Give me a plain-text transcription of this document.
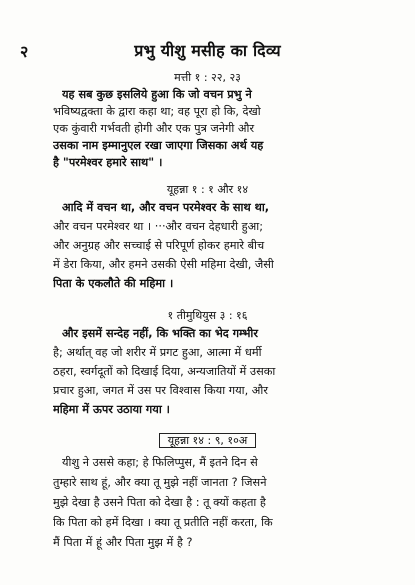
२	प्रभु यीशु मसीह का दिव्य
मत्ती १ : २२, २३
यह सब कुछ इसलिये हुआ कि जो वचन प्रभु ने
भविष्यद्वक्ता के द्वारा कहा था; वह पूरा हो कि, देखो
एक कुंवारी गर्भवती होगी और एक पुत्र जनेगी और
उसका नाम इम्मानुएल रखा जाएगा जिसका अर्थ यह
है "परमेश्वर हमारे साथ" ।
यूहन्ना १ : १ और १४
आदि में वचन था, और वचन परमेश्वर के साथ था,
और वचन परमेश्वर था । ···और वचन देहधारी हुआ;
और अनुग्रह और सच्चाई से परिपूर्ण होकर हमारे बीच
में डेरा किया, और हमने उसकी ऐसी महिमा देखी, जैसी
पिता के एकलौते की महिमा ।
१ तीमुथियुस ३ : १६
और इसमें सन्देह नहीं, कि भक्ति का भेद गम्भीर
है; अर्थात् वह जो शरीर में प्रगट हुआ, आत्मा में धर्मी
ठहरा, स्वर्गदूतों को दिखाई दिया, अन्यजातियों में उसका
प्रचार हुआ, जगत में उस पर विश्वास किया गया, और
महिमा में ऊपर उठाया गया ।
यूहन्ना १४ : ९, १०अ
यीशु ने उससे कहा; हे फिलिप्पुस, मैं इतने दिन से
तुम्हारे साथ हूं, और क्या तू मुझे नहीं जानता ? जिसने
मुझे देखा है उसने पिता को देखा है : तू क्यों कहता है
कि पिता को हमें दिखा । क्या तू प्रतीति नहीं करता, कि
मैं पिता में हूं और पिता मुझ में है ?
